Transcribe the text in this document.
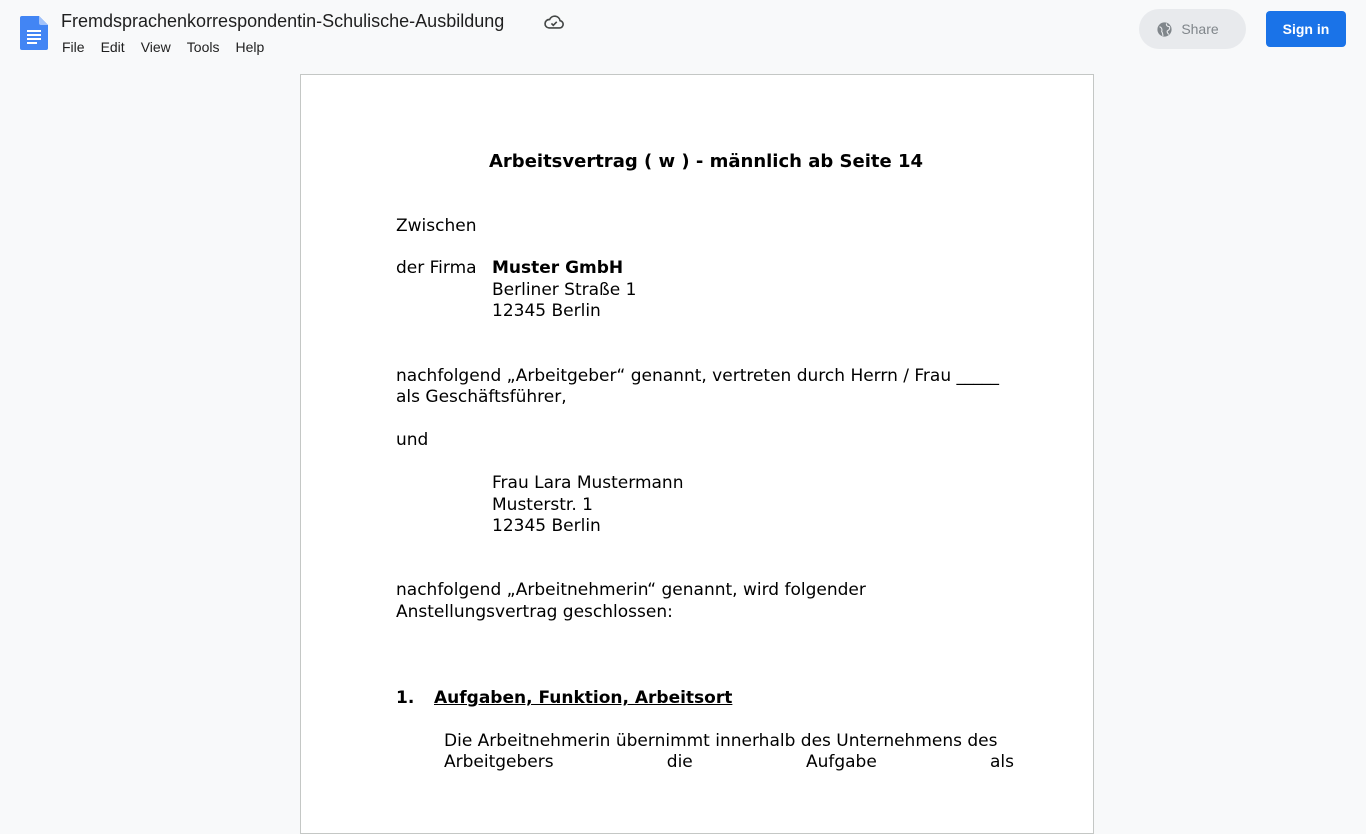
Fremdsprachenkorrespondentin-Schulische-Ausbildung
File	Edit	View	Tools	Help
Share	Sign in
Arbeitsvertrag ( w ) - männlich ab Seite 14
Zwischen
der Firma Muster GmbH
Berliner Straße 1
12345 Berlin
nachfolgend „Arbeitgeber“ genannt, vertreten durch Herrn / Frau _____
als Geschäftsführer,
und
Frau Lara Mustermann
Musterstr. 1
12345 Berlin
nachfolgend „Arbeitnehmerin“ genannt, wird folgender
Anstellungsvertrag geschlossen:
1. Aufgaben, Funktion, Arbeitsort
Die Arbeitnehmerin übernimmt innerhalb des Unternehmens des
Arbeitgebers	die	Aufgabe	als
